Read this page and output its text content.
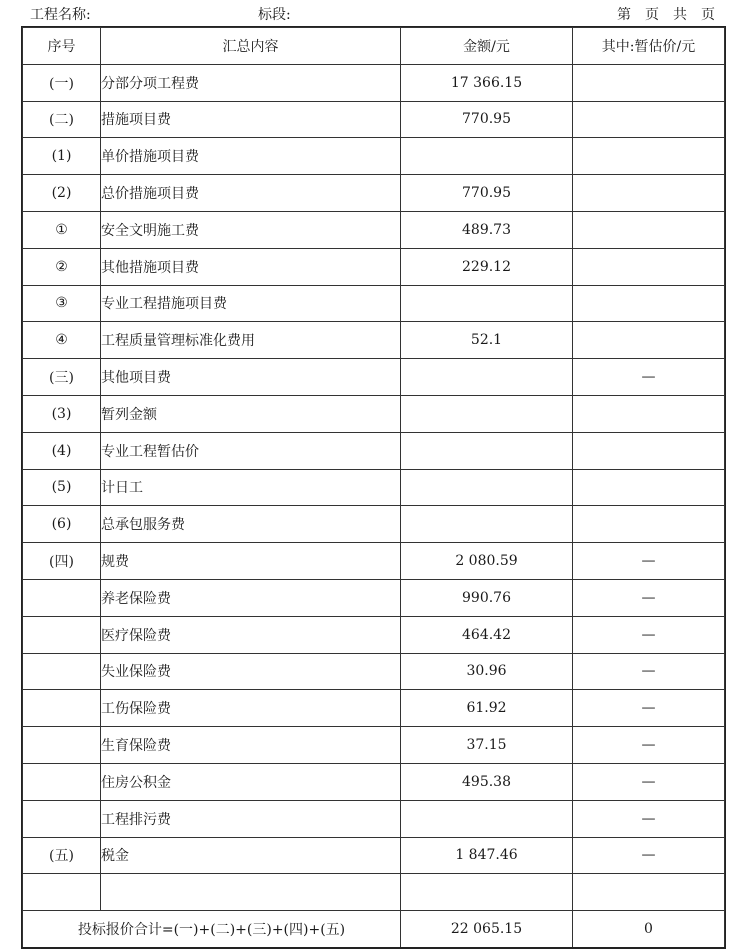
工程名称:	标段:	第 页 共 页
序号	汇总内容	金额/元	其中:暂估价/元
(一)	分部分项工程费	17 366.15	
(二)	措施项目费	770.95	
(1)	单价措施项目费		
(2)	总价措施项目费	770.95	
①	安全文明施工费	489.73	
②	其他措施项目费	229.12	
③	专业工程措施项目费		
④	工程质量管理标准化费用	52.1	
(三)	其他项目费		—
(3)	暂列金额		
(4)	专业工程暂估价		
(5)	计日工		
(6)	总承包服务费		
(四)	规费	2 080.59	—
	养老保险费	990.76	—
	医疗保险费	464.42	—
	失业保险费	30.96	—
	工伤保险费	61.92	—
	生育保险费	37.15	—
	住房公积金	495.38	—
	工程排污费		—
(五)	税金	1 847.46	—

投标报价合计=(一)+(二)+(三)+(四)+(五)		22 065.15	0
